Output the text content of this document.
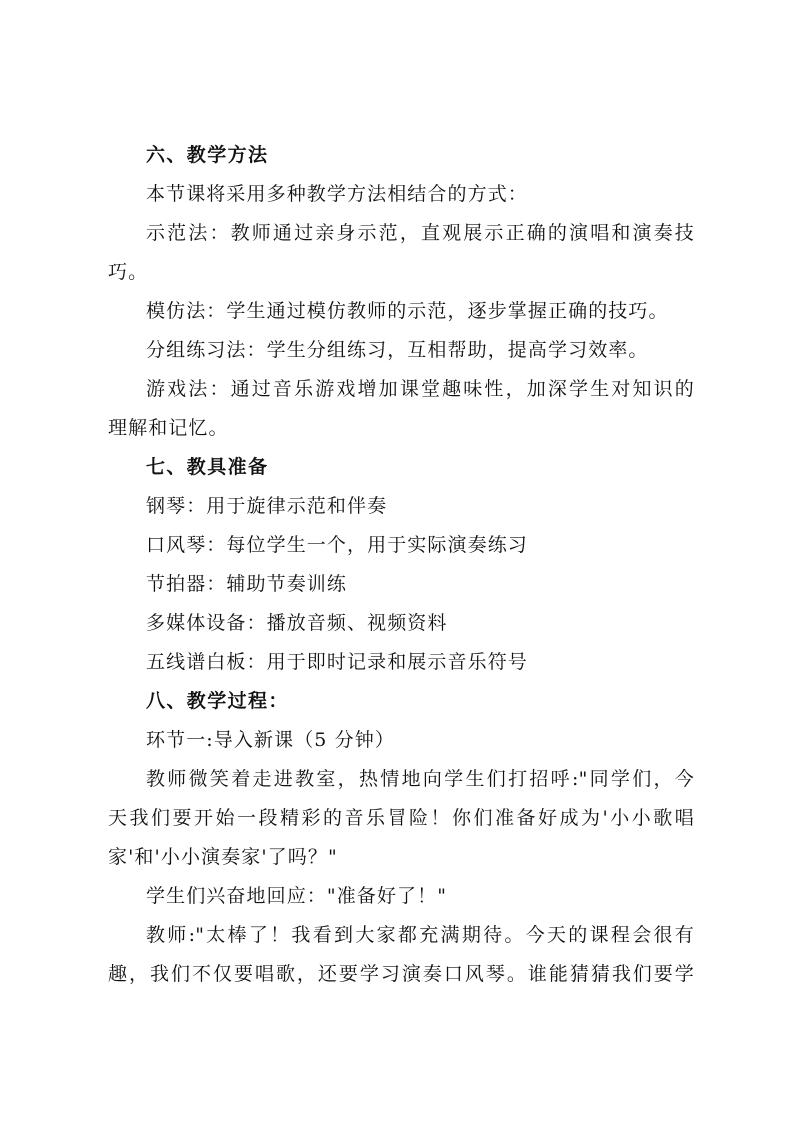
六、教学方法
本节课将采用多种教学方法相结合的方式：
示范法：教师通过亲身示范，直观展示正确的演唱和演奏技
巧。
模仿法：学生通过模仿教师的示范，逐步掌握正确的技巧。
分组练习法：学生分组练习，互相帮助，提高学习效率。
游戏法：通过音乐游戏增加课堂趣味性，加深学生对知识的
理解和记忆。
七、教具准备
钢琴：用于旋律示范和伴奏
口风琴：每位学生一个，用于实际演奏练习
节拍器：辅助节奏训练
多媒体设备：播放音频、视频资料
五线谱白板：用于即时记录和展示音乐符号
八、教学过程：
环节一:导入新课（5 分钟）
教师微笑着走进教室，热情地向学生们打招呼:"同学们，今
天我们要开始一段精彩的音乐冒险！你们准备好成为'小小歌唱
家'和'小小演奏家'了吗？"
学生们兴奋地回应："准备好了！"
教师:"太棒了！我看到大家都充满期待。今天的课程会很有
趣，我们不仅要唱歌，还要学习演奏口风琴。谁能猜猜我们要学
